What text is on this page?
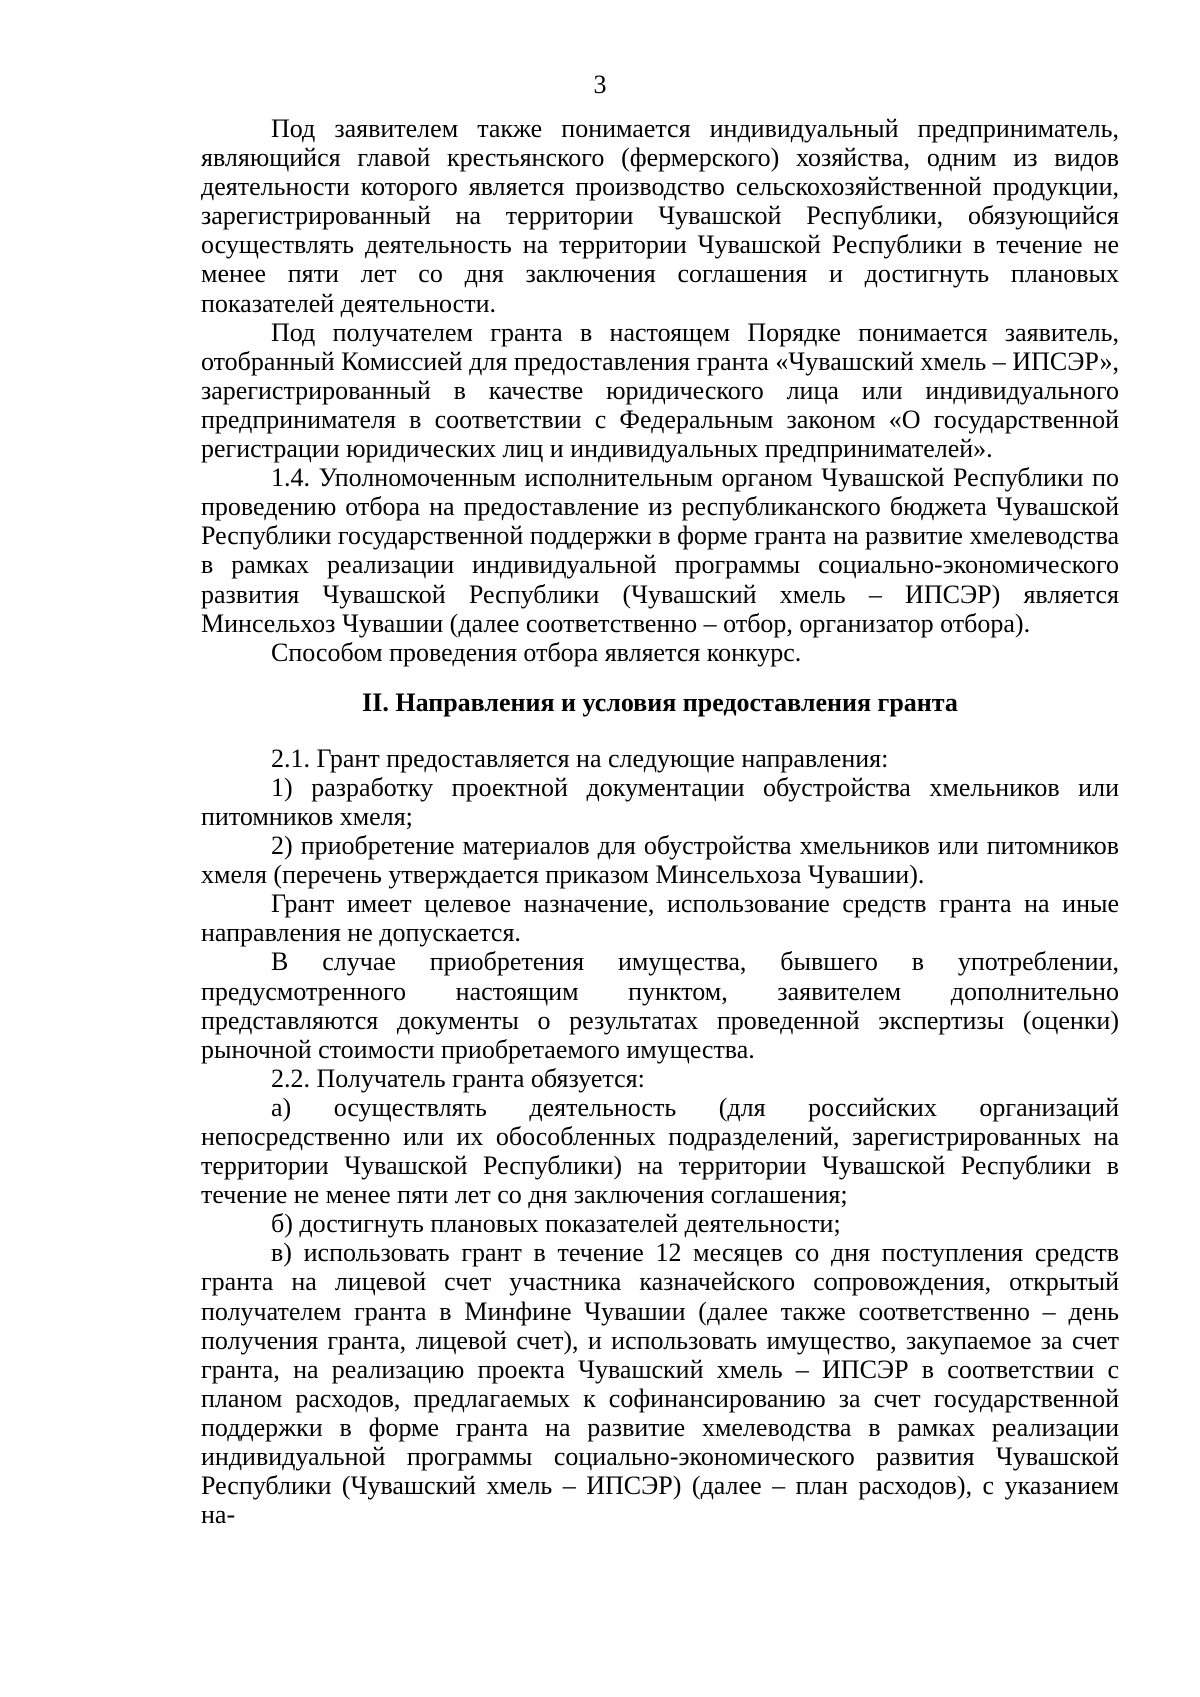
3

Под заявителем также понимается индивидуальный предприниматель, являющийся главой крестьянского (фермерского) хозяйства, одним из видов деятельности которого является производство сельскохозяйственной продукции, зарегистрированный на территории Чувашской Республики, обязующийся осуществлять деятельность на территории Чувашской Республики в течение не менее пяти лет со дня заключения соглашения и достигнуть плановых показателей деятельности.

Под получателем гранта в настоящем Порядке понимается заявитель, отобранный Комиссией для предоставления гранта «Чувашский хмель – ИПСЭР», зарегистрированный в качестве юридического лица или индивидуального предпринимателя в соответствии с Федеральным законом «О государственной регистрации юридических лиц и индивидуальных предпринимателей».

1.4. Уполномоченным исполнительным органом Чувашской Республики по проведению отбора на предоставление из республиканского бюджета Чувашской Республики государственной поддержки в форме гранта на развитие хмелеводства в рамках реализации индивидуальной программы социально-экономического развития Чувашской Республики (Чувашский хмель – ИПСЭР) является Минсельхоз Чувашии (далее соответственно – отбор, организатор отбора).

Способом проведения отбора является конкурс.

II. Направления и условия предоставления гранта

2.1. Грант предоставляется на следующие направления:

1) разработку проектной документации обустройства хмельников или питомников хмеля;

2) приобретение материалов для обустройства хмельников или питомников хмеля (перечень утверждается приказом Минсельхоза Чувашии).

Грант имеет целевое назначение, использование средств гранта на иные направления не допускается.

В случае приобретения имущества, бывшего в употреблении, предусмотренного настоящим пунктом, заявителем дополнительно представляются документы о результатах проведенной экспертизы (оценки) рыночной стоимости приобретаемого имущества.

2.2. Получатель гранта обязуется:

а) осуществлять деятельность (для российских организаций непосредственно или их обособленных подразделений, зарегистрированных на территории Чувашской Республики) на территории Чувашской Республики в течение не менее пяти лет со дня заключения соглашения;

б) достигнуть плановых показателей деятельности;

в) использовать грант в течение 12 месяцев со дня поступления средств гранта на лицевой счет участника казначейского сопровождения, открытый получателем гранта в Минфине Чувашии (далее также соответственно – день получения гранта, лицевой счет), и использовать имущество, закупаемое за счет гранта, на реализацию проекта Чувашский хмель – ИПСЭР в соответствии с планом расходов, предлагаемых к софинансированию за счет государственной поддержки в форме гранта на развитие хмелеводства в рамках реализации индивидуальной программы социально-экономического развития Чувашской Республики (Чувашский хмель – ИПСЭР) (далее – план расходов), с указанием на-
